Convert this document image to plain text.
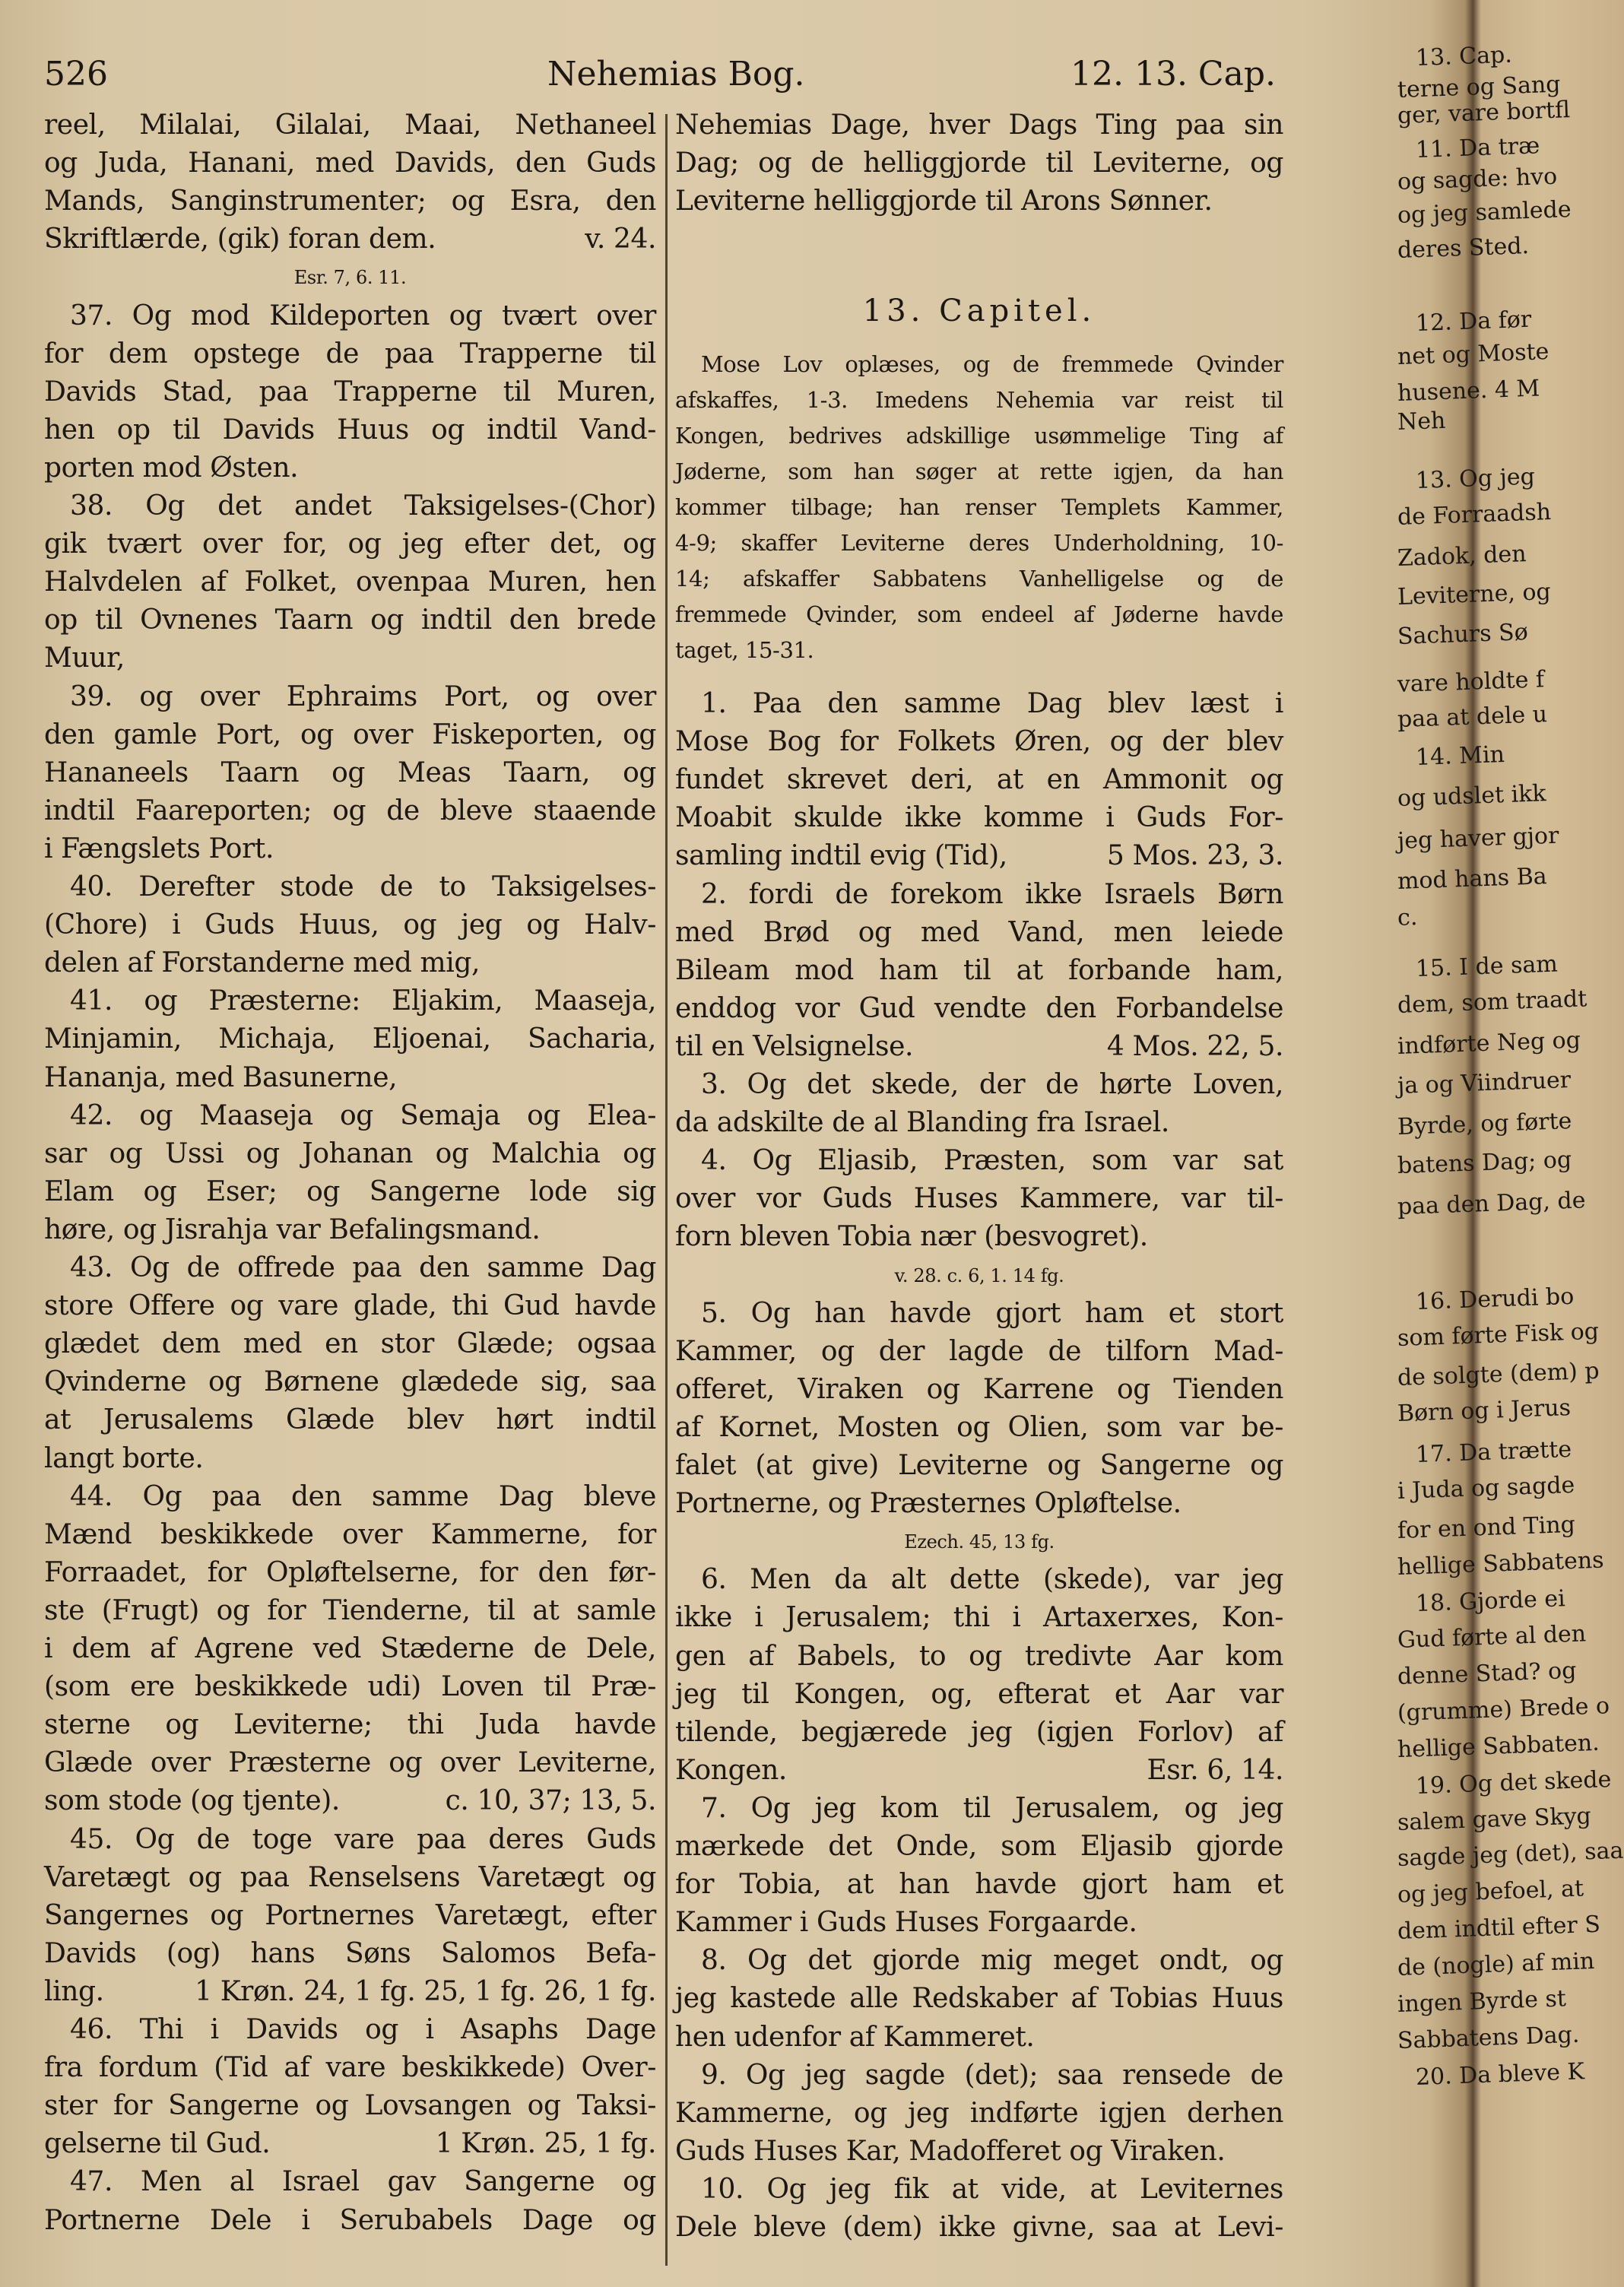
526	Nehemias Bog.	12. 13. Cap.
reel, Milalai, Gilalai, Maai, Nethaneel
og Juda, Hanani, med Davids, den Guds
Mands, Sanginstrumenter; og Esra, den
Skriftlærde, (gik) foran dem.	v. 24.
Esr. 7, 6. 11.
37. Og mod Kildeporten og tvært over
for dem opstege de paa Trapperne til
Davids Stad, paa Trapperne til Muren,
hen op til Davids Huus og indtil Vand-
porten mod Østen.
38. Og det andet Taksigelses-(Chor)
gik tvært over for, og jeg efter det, og
Halvdelen af Folket, ovenpaa Muren, hen
op til Ovnenes Taarn og indtil den brede
Muur,
39. og over Ephraims Port, og over
den gamle Port, og over Fiskeporten, og
Hananeels Taarn og Meas Taarn, og
indtil Faareporten; og de bleve staaende
i Fængslets Port.
40. Derefter stode de to Taksigelses-
(Chore) i Guds Huus, og jeg og Halv-
delen af Forstanderne med mig,
41. og Præsterne: Eljakim, Maaseja,
Minjamin, Michaja, Eljoenai, Sacharia,
Hananja, med Basunerne,
42. og Maaseja og Semaja og Elea-
sar og Ussi og Johanan og Malchia og
Elam og Eser; og Sangerne lode sig
høre, og Jisrahja var Befalingsmand.
43. Og de offrede paa den samme Dag
store Offere og vare glade, thi Gud havde
glædet dem med en stor Glæde; ogsaa
Qvinderne og Børnene glædede sig, saa
at Jerusalems Glæde blev hørt indtil
langt borte.
44. Og paa den samme Dag bleve
Mænd beskikkede over Kammerne, for
Forraadet, for Opløftelserne, for den før-
ste (Frugt) og for Tienderne, til at samle
i dem af Agrene ved Stæderne de Dele,
(som ere beskikkede udi) Loven til Præ-
sterne og Leviterne; thi Juda havde
Glæde over Præsterne og over Leviterne,
som stode (og tjente).	c. 10, 37; 13, 5.
45. Og de toge vare paa deres Guds
Varetægt og paa Renselsens Varetægt og
Sangernes og Portnernes Varetægt, efter
Davids (og) hans Søns Salomos Befa-
ling.	1 Krøn. 24, 1 fg. 25, 1 fg. 26, 1 fg.
46. Thi i Davids og i Asaphs Dage
fra fordum (Tid af vare beskikkede) Over-
ster for Sangerne og Lovsangen og Taksi-
gelserne til Gud.	1 Krøn. 25, 1 fg.
47. Men al Israel gav Sangerne og
Portnerne Dele i Serubabels Dage og
Nehemias Dage, hver Dags Ting paa sin
Dag; og de helliggjorde til Leviterne, og
Leviterne helliggjorde til Arons Sønner.
13. Capitel.
Mose Lov oplæses, og de fremmede Qvinder
afskaffes, 1-3. Imedens Nehemia var reist til
Kongen, bedrives adskillige usømmelige Ting af
Jøderne, som han søger at rette igjen, da han
kommer tilbage; han renser Templets Kammer,
4-9; skaffer Leviterne deres Underholdning, 10-
14; afskaffer Sabbatens Vanhelligelse og de
fremmede Qvinder, som endeel af Jøderne havde
taget, 15-31.
1. Paa den samme Dag blev læst i
Mose Bog for Folkets Øren, og der blev
fundet skrevet deri, at en Ammonit og
Moabit skulde ikke komme i Guds For-
samling indtil evig (Tid),	5 Mos. 23, 3.
2. fordi de forekom ikke Israels Børn
med Brød og med Vand, men leiede
Bileam mod ham til at forbande ham,
enddog vor Gud vendte den Forbandelse
til en Velsignelse.	4 Mos. 22, 5.
3. Og det skede, der de hørte Loven,
da adskilte de al Blanding fra Israel.
4. Og Eljasib, Præsten, som var sat
over vor Guds Huses Kammere, var til-
forn bleven Tobia nær (besvogret).
v. 28. c. 6, 1. 14 fg.
5. Og han havde gjort ham et stort
Kammer, og der lagde de tilforn Mad-
offeret, Viraken og Karrene og Tienden
af Kornet, Mosten og Olien, som var be-
falet (at give) Leviterne og Sangerne og
Portnerne, og Præsternes Opløftelse.
Ezech. 45, 13 fg.
6. Men da alt dette (skede), var jeg
ikke i Jerusalem; thi i Artaxerxes, Kon-
gen af Babels, to og tredivte Aar kom
jeg til Kongen, og, efterat et Aar var
tilende, begjærede jeg (igjen Forlov) af
Kongen.	Esr. 6, 14.
7. Og jeg kom til Jerusalem, og jeg
mærkede det Onde, som Eljasib gjorde
for Tobia, at han havde gjort ham et
Kammer i Guds Huses Forgaarde.
8. Og det gjorde mig meget ondt, og
jeg kastede alle Redskaber af Tobias Huus
hen udenfor af Kammeret.
9. Og jeg sagde (det); saa rensede de
Kammerne, og jeg indførte igjen derhen
Guds Huses Kar, Madofferet og Viraken.
10. Og jeg fik at vide, at Leviternes
Dele bleve (dem) ikke givne, saa at Levi-
13. Cap.
terne og Sang
ger, vare bortfl
11. Da træ
og sagde: hvo
og jeg samlede
deres Sted.
12. Da før
net og Moste
husene. 4 M
Neh
13. Og jeg
de Forraadsh
Zadok, den
Leviterne, og
Sachurs Sø
vare holdte f
paa at dele u
14. Min
og udslet ikk
jeg haver gjor
mod hans Ba
c.
15. I de sam
dem, som traadt
indførte Neg og
ja og Viindruer
Byrde, og førte
batens Dag; og
paa den Dag, de
16. Derudi bo
som førte Fisk og
de solgte (dem) p
Børn og i Jerus
17. Da trætte
i Juda og sagde
for en ond Ting
hellige Sabbatens
18. Gjorde ei
Gud førte al den
denne Stad? og
(grumme) Brede o
hellige Sabbaten.
19. Og det skede
salem gave Skyg
sagde jeg (det), saa
og jeg befoel, at
dem indtil efter S
de (nogle) af min
ingen Byrde st
Sabbatens Dag.
20. Da bleve K
